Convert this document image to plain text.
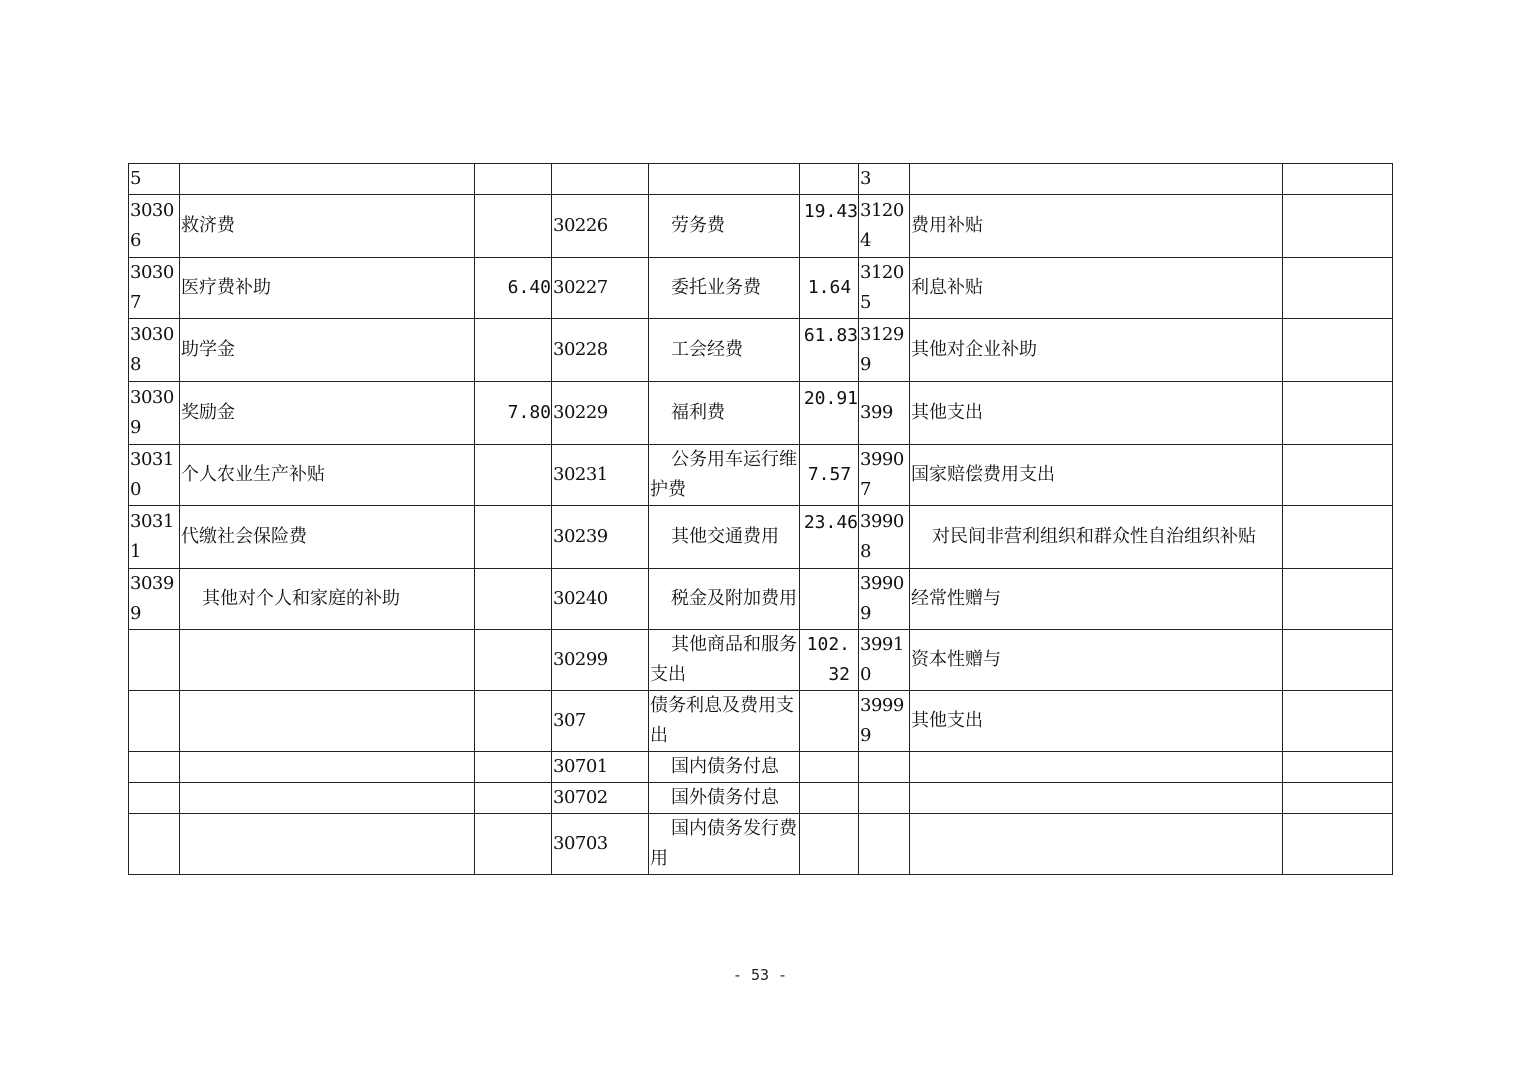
5						3		
30306	救济费		30226	劳务费	19.43	31204	费用补贴	
30307	医疗费补助	6.40	30227	委托业务费	1.64	31205	利息补贴	
30308	助学金		30228	工会经费	61.83	31299	其他对企业补助	
30309	奖励金	7.80	30229	福利费	20.91	399	其他支出	
30310	个人农业生产补贴		30231	公务用车运行维护费	7.57	39907	国家赔偿费用支出	
30311	代缴社会保险费		30239	其他交通费用	23.46	39908	对民间非营利组织和群众性自治组织补贴	
30399	其他对个人和家庭的补助		30240	税金及附加费用		39909	经常性赠与	
			30299	其他商品和服务支出	102.32	39910	资本性赠与	
			307	债务利息及费用支出		39999	其他支出	
			30701	国内债务付息				
			30702	国外债务付息				
			30703	国内债务发行费用				
- 53 -
